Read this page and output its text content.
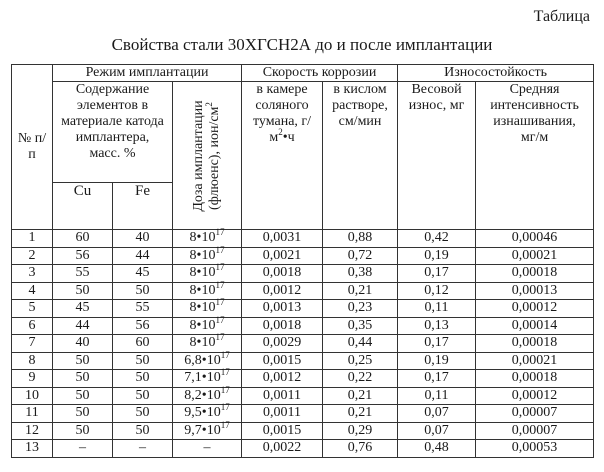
Таблица
Свойства стали 30ХГСН2А до и после имплантации
№ п/п	Режим имплантации	Скорость коррозии	Износостойкость
Содержание элементов в материале катода имплантера, масс. %	Доза имплантации (флюенс), ион/см2
	в камере соляного тумана, г/м2•ч	в кислом растворе, см/мин	Весовой износ, мг	Средняя интенсивность изнашивания, мг/м
Cu	Fe
1	60	40	8•1017	0,0031	0,88	0,42	0,00046
2	56	44	8•1017	0,0021	0,72	0,19	0,00021
3	55	45	8•1017	0,0018	0,38	0,17	0,00018
4	50	50	8•1017	0,0012	0,21	0,12	0,00013
5	45	55	8•1017	0,0013	0,23	0,11	0,00012
6	44	56	8•1017	0,0018	0,35	0,13	0,00014
7	40	60	8•1017	0,0029	0,44	0,17	0,00018
8	50	50	6,8•1017	0,0015	0,25	0,19	0,00021
9	50	50	7,1•1017	0,0012	0,22	0,17	0,00018
10	50	50	8,2•1017	0,0011	0,21	0,11	0,00012
11	50	50	9,5•1017	0,0011	0,21	0,07	0,00007
12	50	50	9,7•1017	0,0015	0,29	0,07	0,00007
13	–	–	–	0,0022	0,76	0,48	0,00053
